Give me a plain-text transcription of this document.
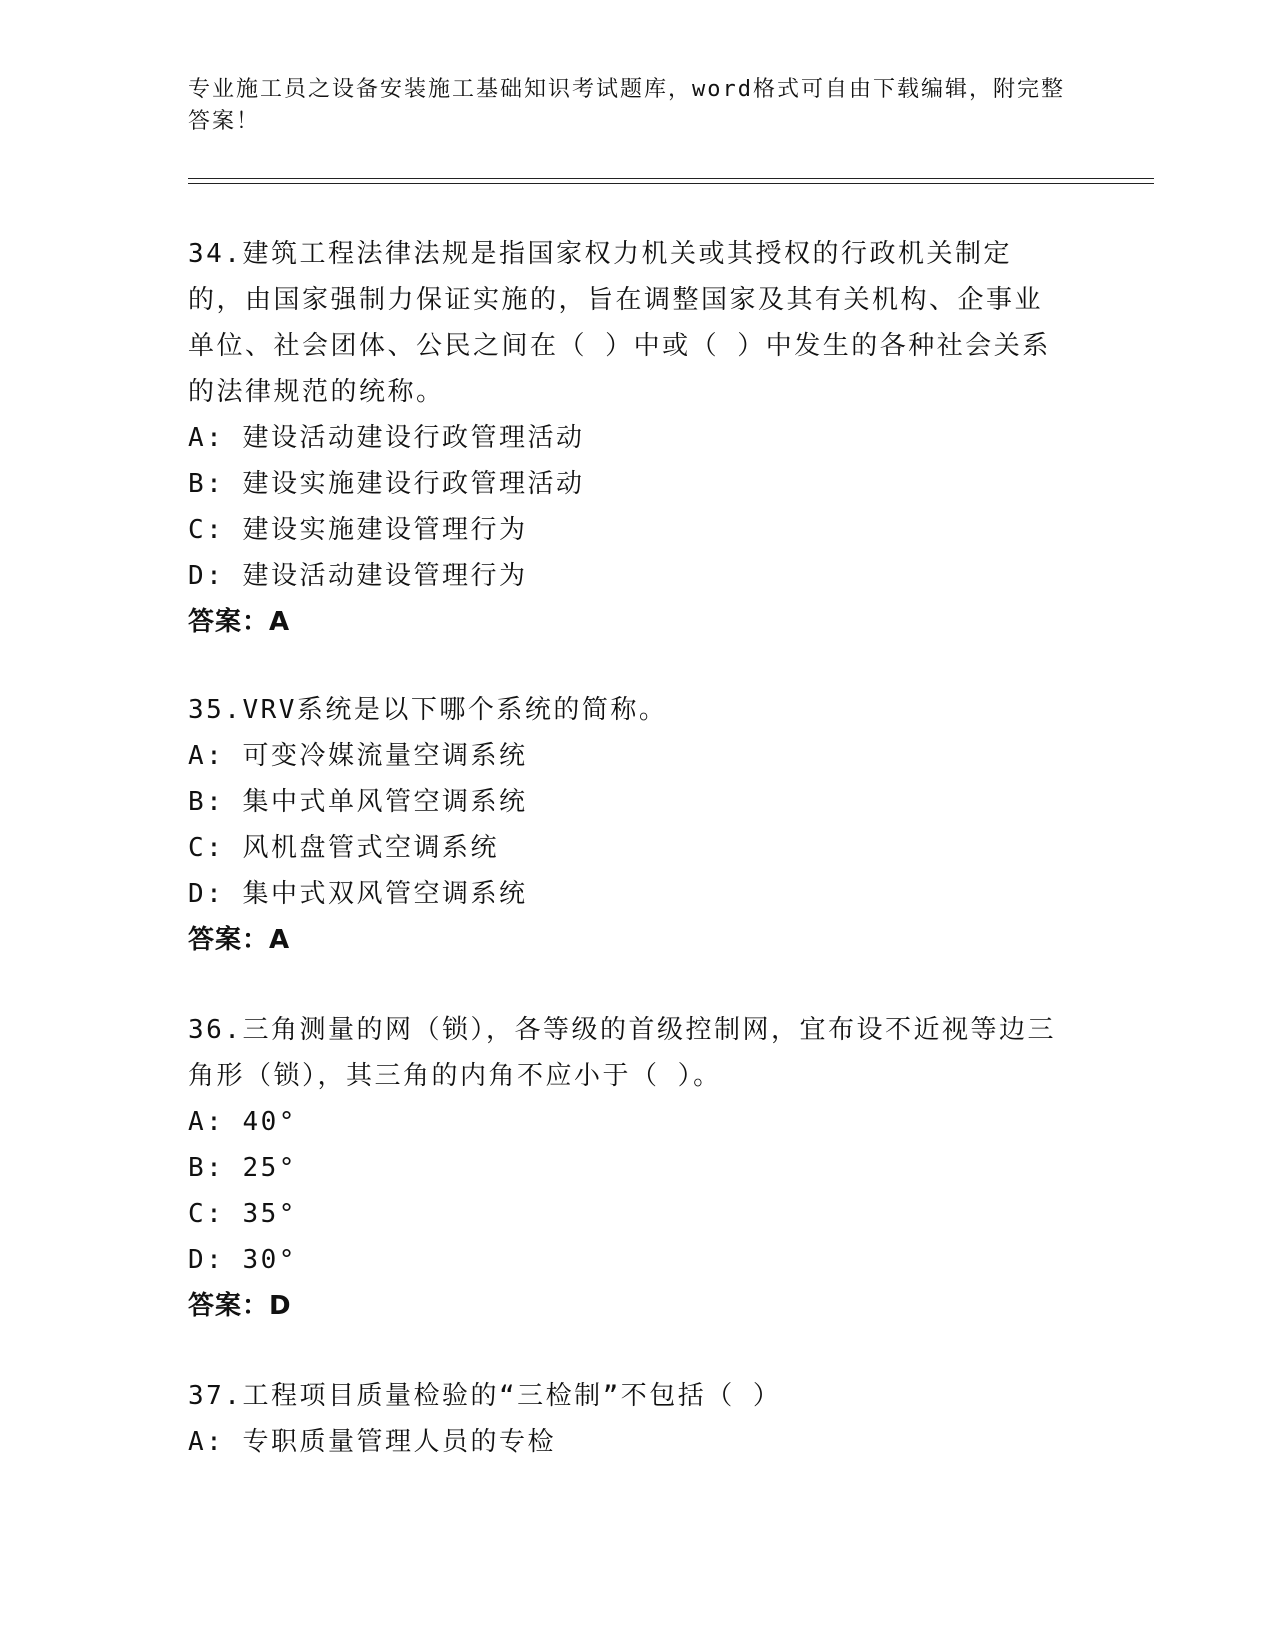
专业施工员之设备安装施工基础知识考试题库，word格式可自由下载编辑，附完整答案！
34.建筑工程法律法规是指国家权力机关或其授权的行政机关制定的，由国家强制力保证实施的，旨在调整国家及其有关机构、企事业单位、社会团体、公民之间在（ ）中或（ ）中发生的各种社会关系的法律规范的统称。
A: 建设活动建设行政管理活动
B: 建设实施建设行政管理活动
C: 建设实施建设管理行为
D: 建设活动建设管理行为
答案：A
35.VRV系统是以下哪个系统的简称。
A: 可变冷媒流量空调系统
B: 集中式单风管空调系统
C: 风机盘管式空调系统
D: 集中式双风管空调系统
答案：A
36.三角测量的网（锁），各等级的首级控制网，宜布设不近视等边三角形（锁），其三角的内角不应小于（ ）。
A: 40°
B: 25°
C: 35°
D: 30°
答案：D
37.工程项目质量检验的“三检制”不包括（ ）
A: 专职质量管理人员的专检
